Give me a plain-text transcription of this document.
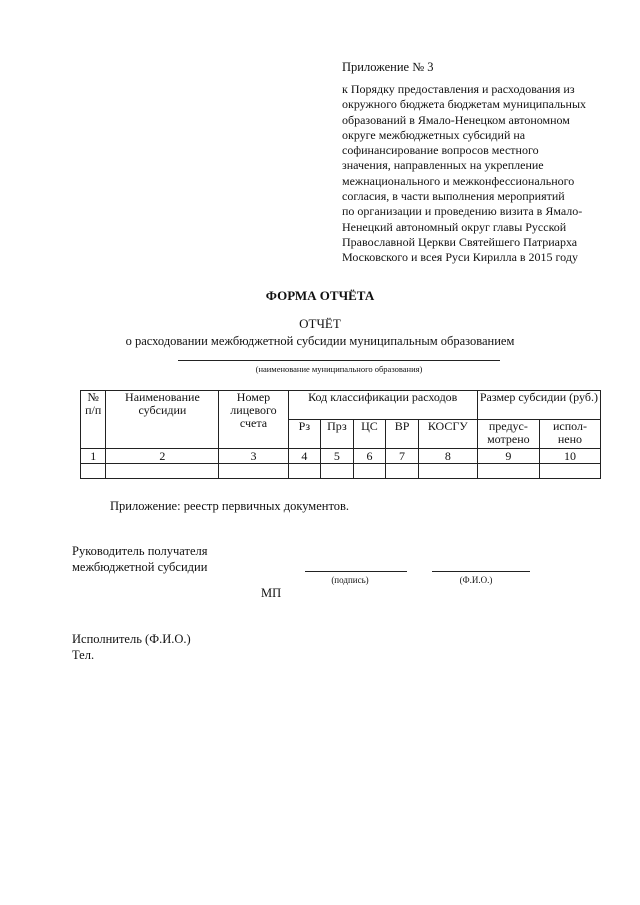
Приложение № 3
к Порядку предоставления и расходования из
окружного бюджета бюджетам муниципальных
образований в Ямало-Ненецком автономном
округе межбюджетных субсидий на
софинансирование вопросов местного
значения, направленных на укрепление
межнационального и межконфессионального
согласия, в части выполнения мероприятий
по организации и проведению визита в Ямало-
Ненецкий автономный округ главы Русской
Православной Церкви Святейшего Патриарха
Московского и всея Руси Кирилла в 2015 году
ФОРМА ОТЧЁТА
ОТЧЁТ
о расходовании межбюджетной субсидии муниципальным образованием
(наименование муниципального образования)
№ п/п	Наименование субсидии	Номер лицевого счета	Код классификации расходов					Размер субсидии (руб.)	
			Рз	Прз	ЦС	ВР	КОСГУ	предус-мотрено	испол-нено
1	2	3	4	5	6	7	8	9	10

Приложение: реестр первичных документов.
Руководитель получателя
межбюджетной субсидии
(подпись)	(Ф.И.О.)
МП
Исполнитель (Ф.И.О.)
Тел.
